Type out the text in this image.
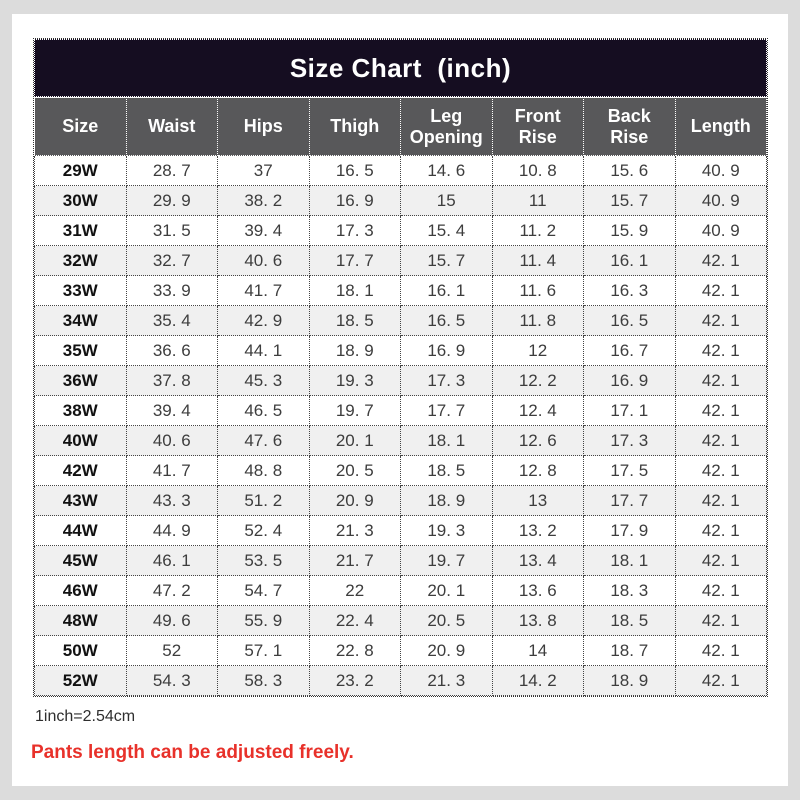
Size Chart  (inch)
Size	Waist	Hips	Thigh	Leg Opening	Front Rise	Back Rise	Length
29W	28. 7	37	16. 5	14. 6	10. 8	15. 6	40. 9
30W	29. 9	38. 2	16. 9	15	11	15. 7	40. 9
31W	31. 5	39. 4	17. 3	15. 4	11. 2	15. 9	40. 9
32W	32. 7	40. 6	17. 7	15. 7	11. 4	16. 1	42. 1
33W	33. 9	41. 7	18. 1	16. 1	11. 6	16. 3	42. 1
34W	35. 4	42. 9	18. 5	16. 5	11. 8	16. 5	42. 1
35W	36. 6	44. 1	18. 9	16. 9	12	16. 7	42. 1
36W	37. 8	45. 3	19. 3	17. 3	12. 2	16. 9	42. 1
38W	39. 4	46. 5	19. 7	17. 7	12. 4	17. 1	42. 1
40W	40. 6	47. 6	20. 1	18. 1	12. 6	17. 3	42. 1
42W	41. 7	48. 8	20. 5	18. 5	12. 8	17. 5	42. 1
43W	43. 3	51. 2	20. 9	18. 9	13	17. 7	42. 1
44W	44. 9	52. 4	21. 3	19. 3	13. 2	17. 9	42. 1
45W	46. 1	53. 5	21. 7	19. 7	13. 4	18. 1	42. 1
46W	47. 2	54. 7	22	20. 1	13. 6	18. 3	42. 1
48W	49. 6	55. 9	22. 4	20. 5	13. 8	18. 5	42. 1
50W	52	57. 1	22. 8	20. 9	14	18. 7	42. 1
52W	54. 3	58. 3	23. 2	21. 3	14. 2	18. 9	42. 1
1inch=2.54cm
Pants length can be adjusted freely.
